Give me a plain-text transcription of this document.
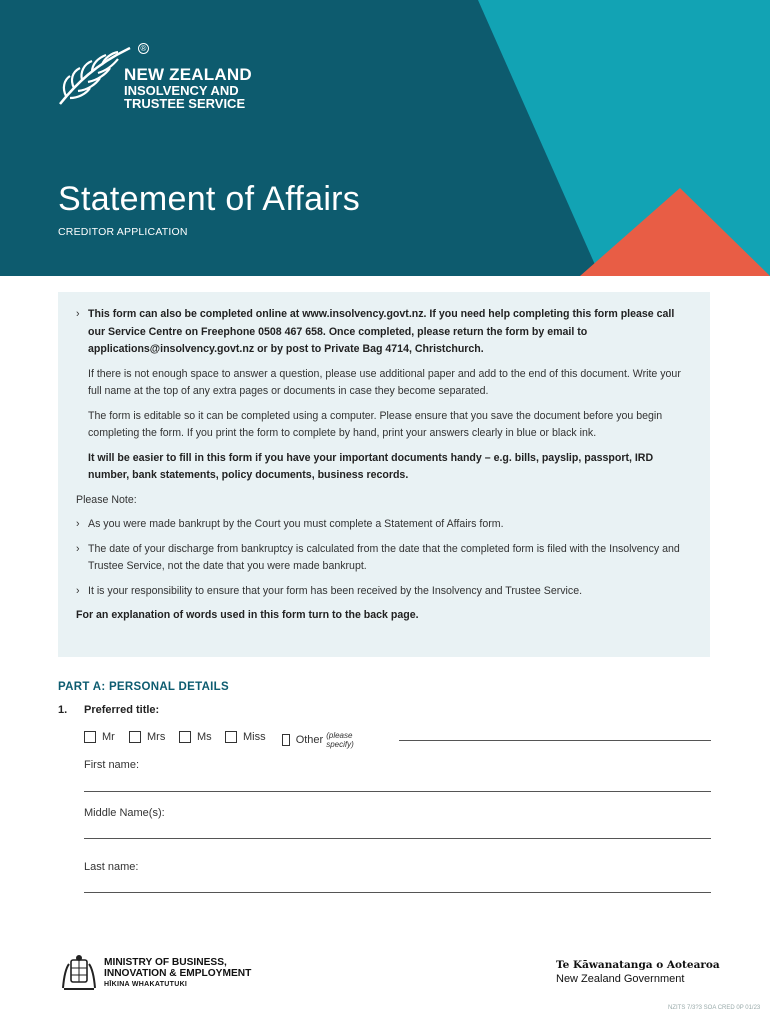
®
NEW ZEALAND
INSOLVENCY AND
TRUSTEE SERVICE
Statement of Affairs
CREDITOR APPLICATION

› This form can also be completed online at www.insolvency.govt.nz. If you need help completing this form please call our Service Centre on Freephone 0508 467 658. Once completed, please return the form by email to applications@insolvency.govt.nz or by post to Private Bag 4714, Christchurch.

If there is not enough space to answer a question, please use additional paper and add to the end of this document. Write your full name at the top of any extra pages or documents in case they become separated.

The form is editable so it can be completed using a computer. Please ensure that you save the document before you begin completing the form. If you print the form to complete by hand, print your answers clearly in blue or black ink.

It will be easier to fill in this form if you have your important documents handy – e.g. bills, payslip, passport, IRD number, bank statements, policy documents, business records.

Please Note:

› As you were made bankrupt by the Court you must complete a Statement of Affairs form.

› The date of your discharge from bankruptcy is calculated from the date that the completed form is filed with the Insolvency and Trustee Service, not the date that you were made bankrupt.

› It is your responsibility to ensure that your form has been received by the Insolvency and Trustee Service.

For an explanation of words used in this form turn to the back page.

PART A: PERSONAL DETAILS
1. Preferred title:
Mr	Mrs	Ms	Miss	Other (please specify)
First name:
Middle Name(s):
Last name:
MINISTRY OF BUSINESS,
INNOVATION & EMPLOYMENT
HĪKINA WHAKATUTUKI
Te Kāwanatanga o Aotearoa
New Zealand Government
NZITS 7/3?3 SOA CRED 0P 01/23
